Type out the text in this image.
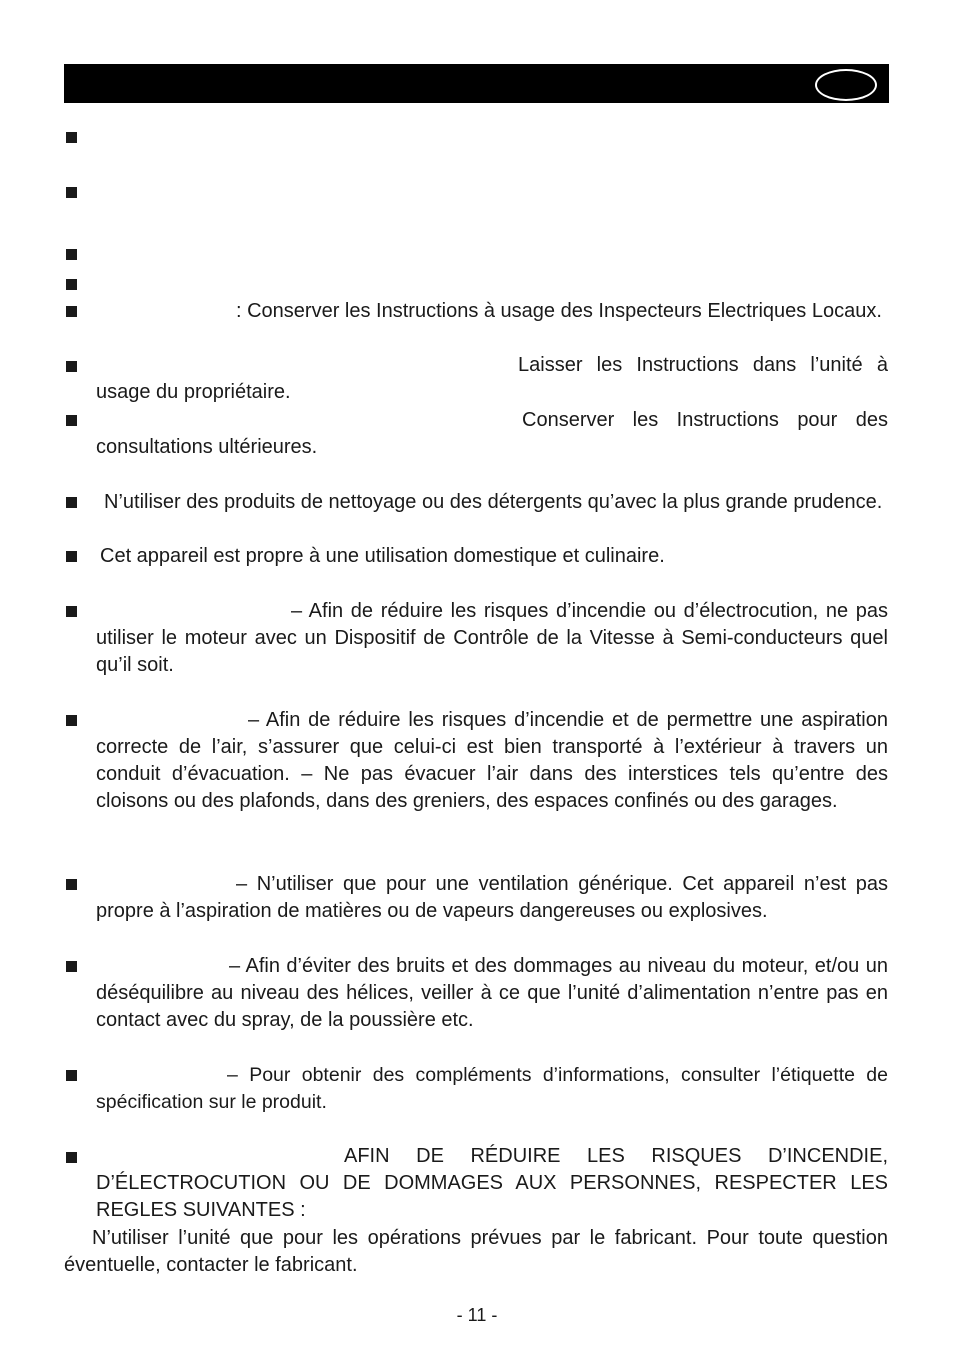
: Conserver les Instructions à usage des Inspecteurs Electriques Locaux.

Laisser les Instructions dans l’unité à usage du propriétaire.

Conserver les Instructions pour des consultations ultérieures.

N’utiliser des produits de nettoyage ou des détergents qu’avec la plus grande prudence.

Cet appareil est propre à une utilisation domestique et culinaire.

– Afin de réduire les risques d’incendie ou d’électrocution, ne pas utiliser le moteur avec un Dispositif de Contrôle de la Vitesse à Semi-conducteurs quel qu’il soit.

– Afin de réduire les risques d’incendie et de permettre une aspiration correcte de l’air, s’assurer que celui-ci est bien transporté à l’extérieur à travers un conduit d’évacuation. – Ne pas évacuer l’air dans des interstices tels qu’entre des cloisons ou des plafonds, dans des greniers, des espaces confinés ou des garages.

– N’utiliser que pour une ventilation générique. Cet appareil n’est pas propre à l’aspiration de matières ou de vapeurs dangereuses ou explosives.

– Afin d’éviter des bruits et des dommages au niveau du moteur, et/ou un déséquilibre au niveau des hélices, veiller à ce que l’unité d’alimentation n’entre pas en contact avec du spray, de la poussière etc.

– Pour obtenir des compléments d’informations, consulter l’étiquette de spécification sur le produit.

AFIN DE RÉDUIRE LES RISQUES D’INCENDIE, D’ÉLECTROCUTION OU DE DOMMAGES AUX PERSONNES, RESPECTER LES REGLES SUIVANTES :

N’utiliser l’unité que pour les opérations prévues par le fabricant. Pour toute question éventuelle, contacter le fabricant.

- 11 -
